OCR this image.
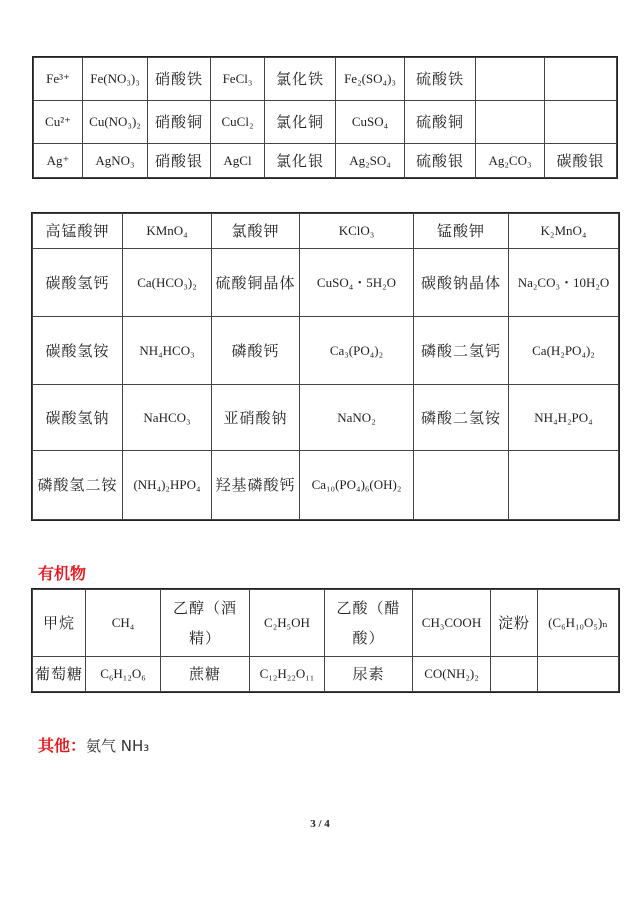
Fe³⁺	Fe(NO₃)₃	硝酸铁	FeCl₃	氯化铁	Fe₂(SO₄)₃	硫酸铁		
Cu²⁺	Cu(NO₃)₂	硝酸铜	CuCl₂	氯化铜	CuSO₄	硫酸铜		
Ag⁺	AgNO₃	硝酸银	AgCl	氯化银	Ag₂SO₄	硫酸银	Ag₂CO₃	碳酸银
高锰酸钾	KMnO₄	氯酸钾	KClO₃	锰酸钾	K₂MnO₄
碳酸氢钙	Ca(HCO₃)₂	硫酸铜晶体	CuSO₄・5H₂O	碳酸钠晶体	Na₂CO₃・10H₂O
碳酸氢铵	NH₄HCO₃	磷酸钙	Ca₃(PO₄)₂	磷酸二氢钙	Ca(H₂PO₄)₂
碳酸氢钠	NaHCO₃	亚硝酸钠	NaNO₂	磷酸二氢铵	NH₄H₂PO₄
磷酸氢二铵	(NH₄)₂HPO₄	羟基磷酸钙	Ca₁₀(PO₄)₆(OH)₂		
有机物
甲烷	CH₄	乙醇（酒精）	C₂H₅OH	乙酸（醋酸）	CH₃COOH	淀粉	(C₆H₁₀O₅)ₙ
葡萄糖	C₆H₁₂O₆	蔗糖	C₁₂H₂₂O₁₁	尿素	CO(NH₂)₂		
其他：氨气 NH₃
3 / 4
